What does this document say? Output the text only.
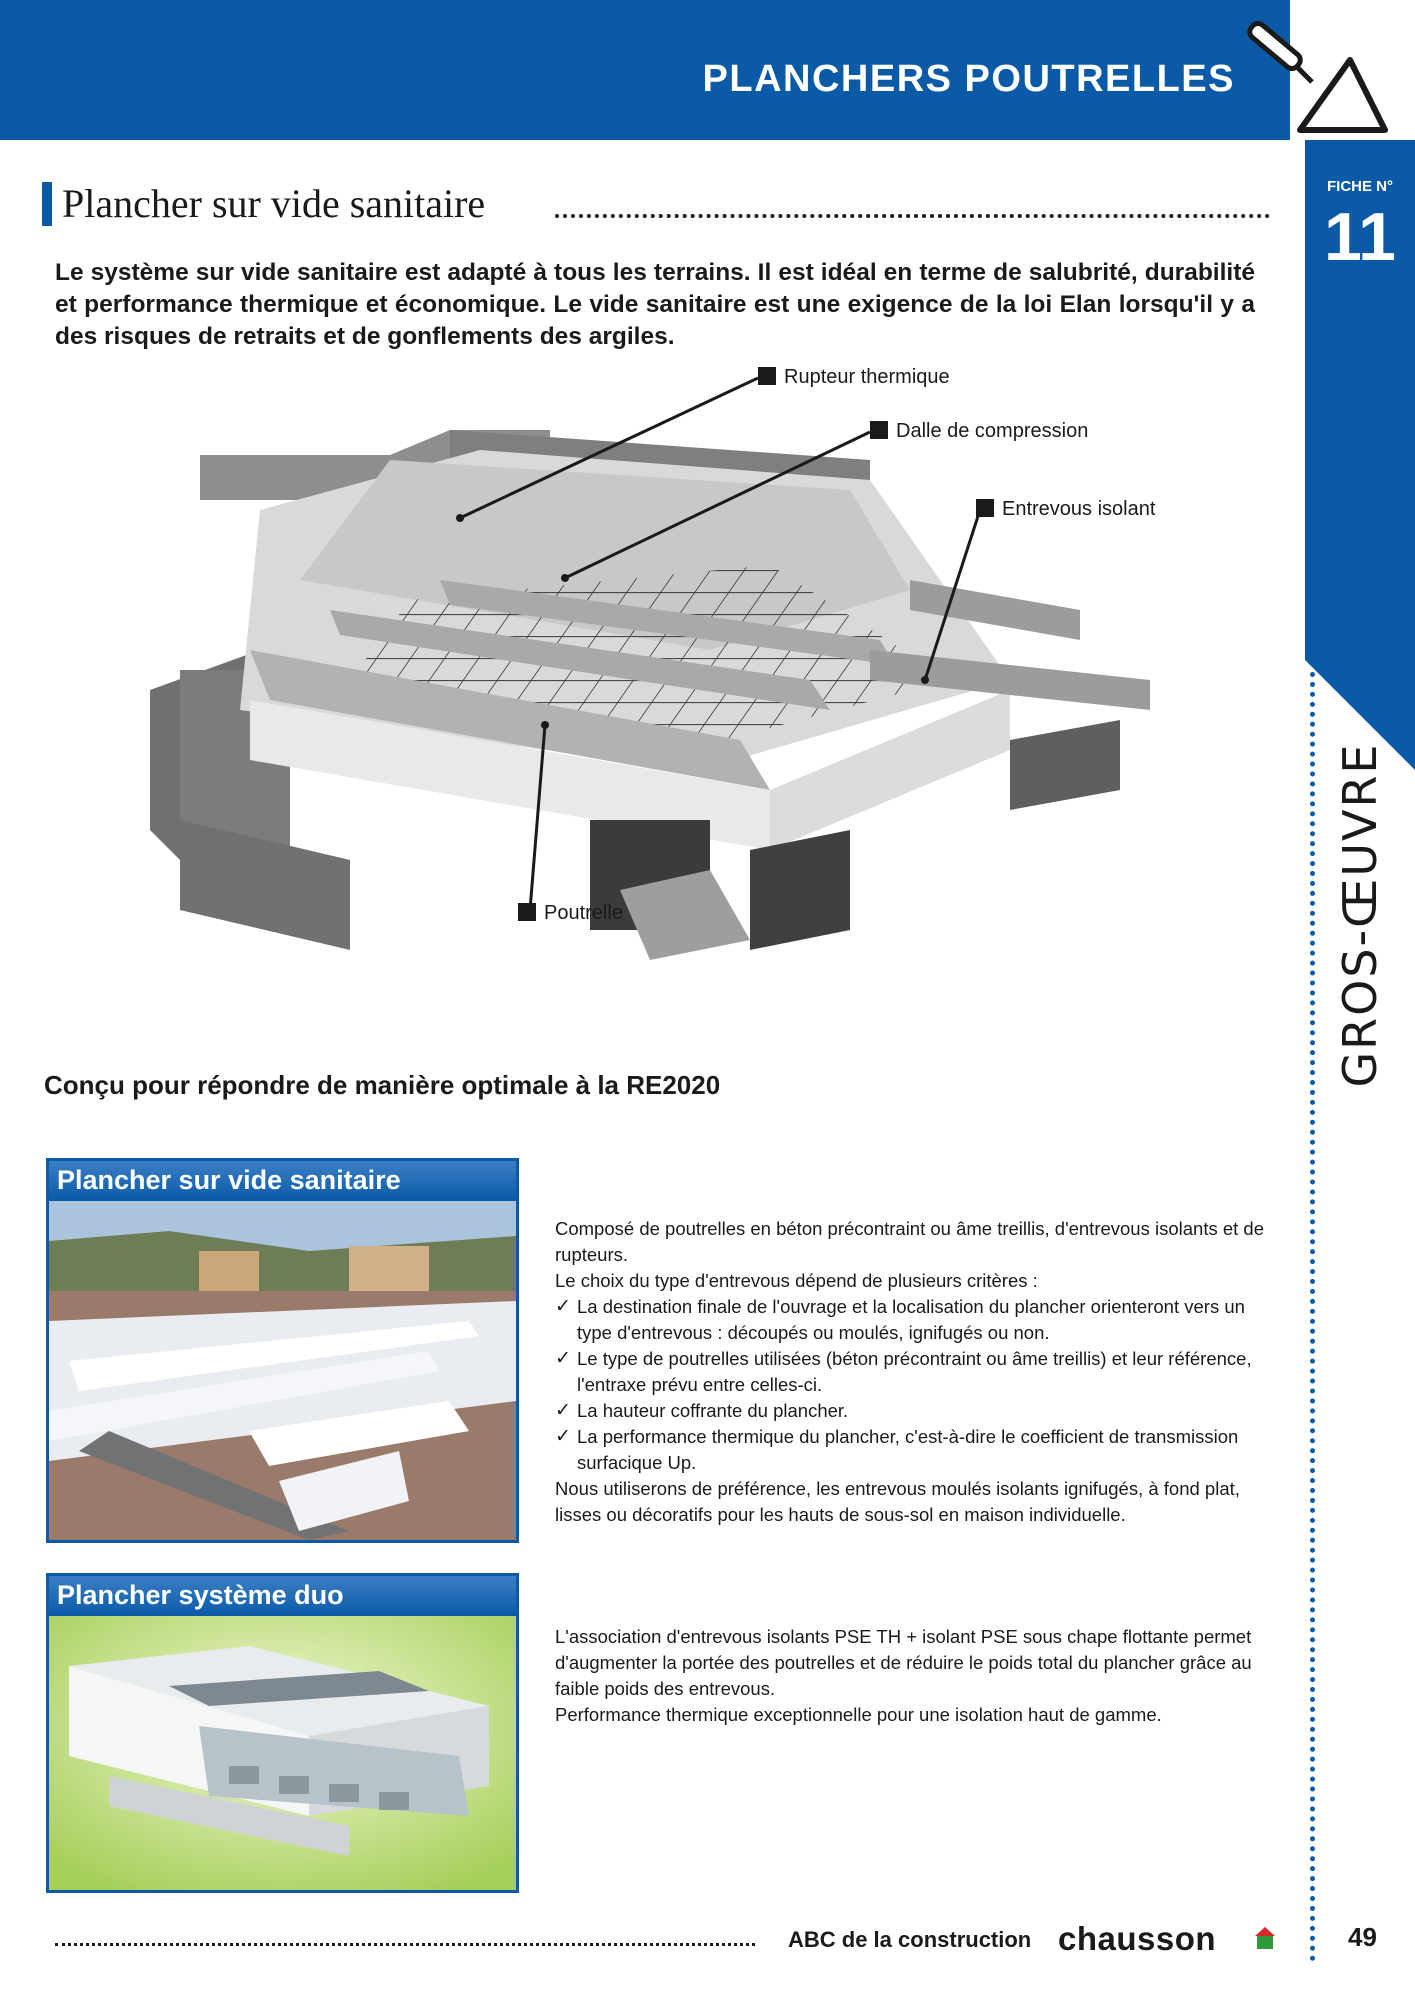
PLANCHERS POUTRELLES
FICHE N°
11
GROS-ŒUVRE
Plancher sur vide sanitaire
Le système sur vide sanitaire est adapté à tous les terrains. Il est idéal en terme de salubrité, durabilité et performance thermique et économique. Le vide sanitaire est une exigence de la loi Elan lorsqu'il y a des risques de retraits et de gonflements des argiles.
Rupteur thermique
Dalle de compression
Entrevous isolant
Poutrelle
Conçu pour répondre de manière optimale à la RE2020
Plancher sur vide sanitaire

Composé de poutrelles en béton précontraint ou âme treillis, d'entrevous isolants et de rupteurs.

Le choix du type d'entrevous dépend de plusieurs critères :

✓ La destination finale de l'ouvrage et la localisation du plancher orienteront vers un type d'entrevous : découpés ou moulés, ignifugés ou non.
✓ Le type de poutrelles utilisées (béton précontraint ou âme treillis) et leur référence, l'entraxe prévu entre celles-ci.
✓ La hauteur coffrante du plancher.
✓ La performance thermique du plancher, c'est-à-dire le coefficient de transmission surfacique Up.

Nous utiliserons de préférence, les entrevous moulés isolants ignifugés, à fond plat, lisses ou décoratifs pour les hauts de sous-sol en maison individuelle.

Plancher système duo

L'association d'entrevous isolants PSE TH + isolant PSE sous chape flottante permet d'augmenter la portée des poutrelles et de réduire le poids total du plancher grâce au faible poids des entrevous.

Performance thermique exceptionnelle pour une isolation haut de gamme.

ABC de la construction chausson	49
